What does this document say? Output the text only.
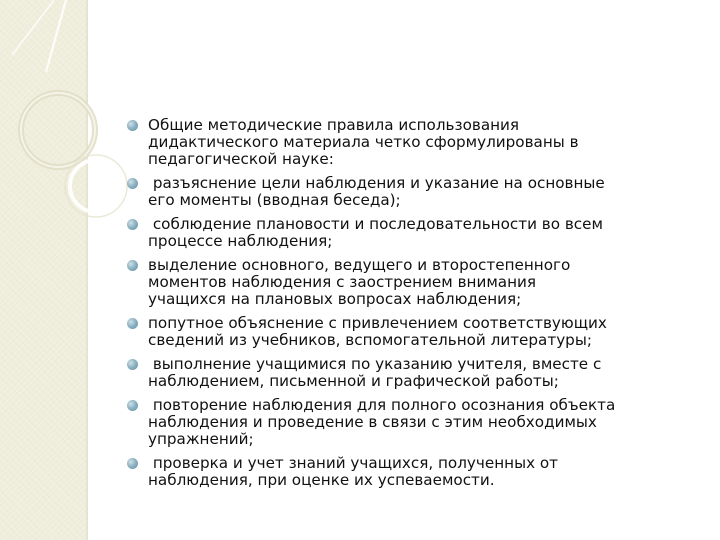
Общие методические правила использования
дидактического материала четко сформулированы в
педагогической науке:
разъяснение цели наблюдения и указание на основные
его моменты (вводная беседа);
соблюдение плановости и последовательности во всем
процессе наблюдения;
выделение основного, ведущего и второстепенного
моментов наблюдения с заострением внимания
учащихся на плановых вопросах наблюдения;
попутное объяснение с привлечением соответствующих
сведений из учебников, вспомогательной литературы;
выполнение учащимися по указанию учителя, вместе с
наблюдением, письменной и графической работы;
повторение наблюдения для полного осознания объекта
наблюдения и проведение в связи с этим необходимых
упражнений;
проверка и учет знаний учащихся, полученных от
наблюдения, при оценке их успеваемости.
